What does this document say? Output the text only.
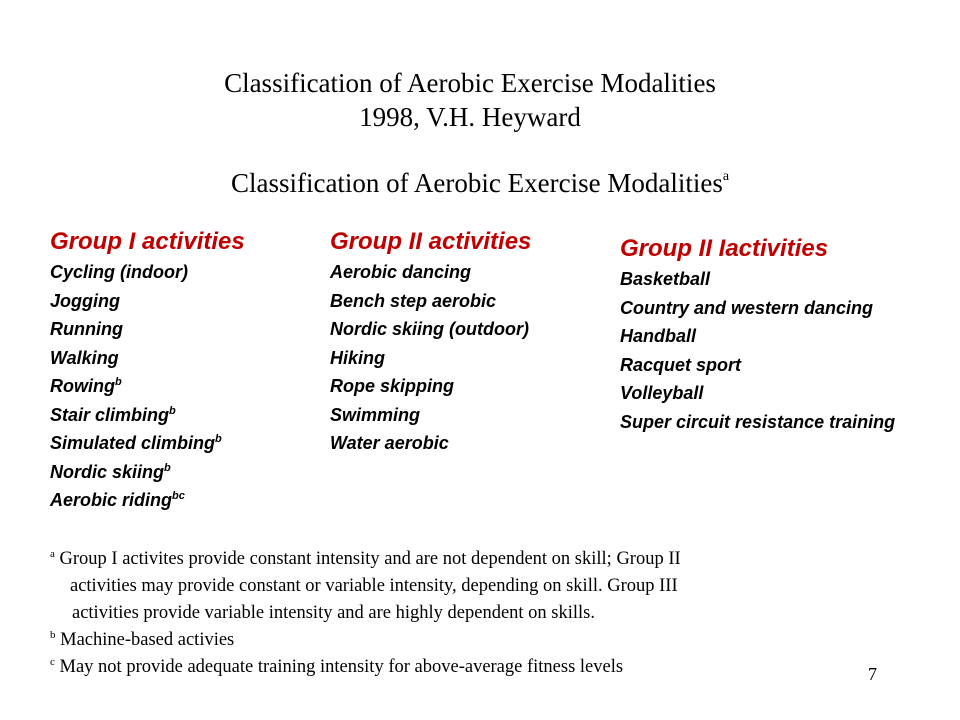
Classification of Aerobic Exercise Modalities
1998, V.H. Heyward
Classification of Aerobic Exercise Modalities$^a$
Group I activities
Cycling (indoor)
Jogging
Running
Walking
Rowing$^b$
Stair climbing$^b$
Simulated climbing$^b$
Nordic skiing$^b$
Aerobic riding$^{bc}$
Group II activities
Aerobic dancing
Bench step aerobic
Nordic skiing (outdoor)
Hiking
Rope skipping
Swimming
Water aerobic
Group II Iactivities
Basketball
Country and western dancing
Handball
Racquet sport
Volleyball
Super circuit resistance training
$^a$ Group I activites provide constant intensity and are not dependent on skill; Group II
activities may provide constant or variable intensity, depending on skill. Group III
activities provide variable intensity and are highly dependent on skills.
$^b$ Machine-based activies
$^c$ May not provide adequate training intensity for above-average fitness levels	7
